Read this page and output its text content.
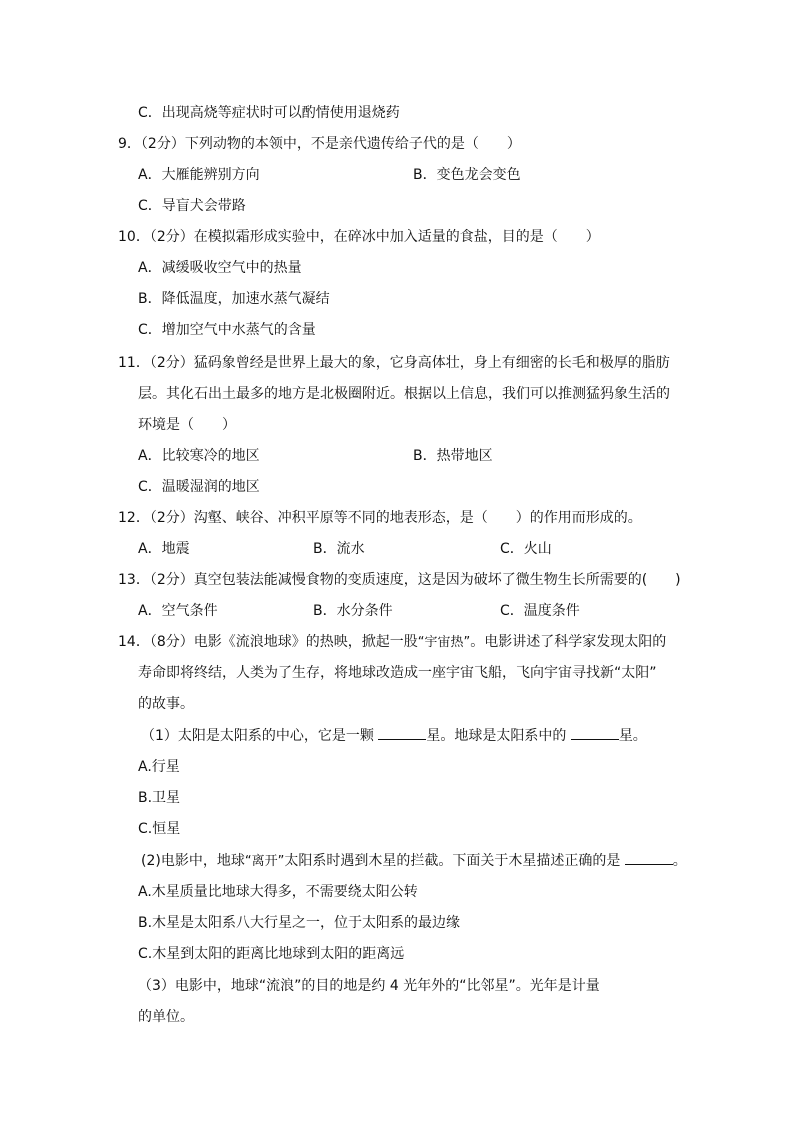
C．出现高烧等症状时可以酌情使用退烧药
9．（2分）下列动物的本领中，不是亲代遗传给子代的是（　　）
A．大雁能辨别方向	B．变色龙会变色
C．导盲犬会带路
10．（2分）在模拟霜形成实验中，在碎冰中加入适量的食盐，目的是（　　）
A．减缓吸收空气中的热量
B．降低温度，加速水蒸气凝结
C．增加空气中水蒸气的含量
11．（2分）猛码象曾经是世界上最大的象，它身高体壮，身上有细密的长毛和极厚的脂肪
层。其化石出土最多的地方是北极圈附近。根据以上信息，我们可以推测猛犸象生活的
环境是（　　）
A．比较寒冷的地区	B．热带地区
C．温暖湿润的地区
12．（2分）沟壑、峡谷、冲积平原等不同的地表形态，是（　　）的作用而形成的。
A．地震	B．流水	C．火山
13．（2分）真空包装法能减慢食物的变质速度，这是因为破坏了微生物生长所需要的(　　)
A．空气条件	B．水分条件	C．温度条件
14．（8分）电影《流浪地球》的热映，掀起一股“宇宙热”。电影讲述了科学家发现太阳的
寿命即将终结，人类为了生存，将地球改造成一座宇宙飞船，飞向宇宙寻找新“太阳”
的故事。
（1）太阳是太阳系的中心，它是一颗	星。地球是太阳系中的	星。
A.行星
B.卫星
C.恒星
(2)电影中，地球“离开”太阳系时遇到木星的拦截。下面关于木星描述正确的是	。
A.木星质量比地球大得多，不需要绕太阳公转
B.木星是太阳系八大行星之一，位于太阳系的最边缘
C.木星到太阳的距离比地球到太阳的距离远
（3）电影中，地球“流浪”的目的地是约 4 光年外的“比邻星”。光年是计量
的单位。
